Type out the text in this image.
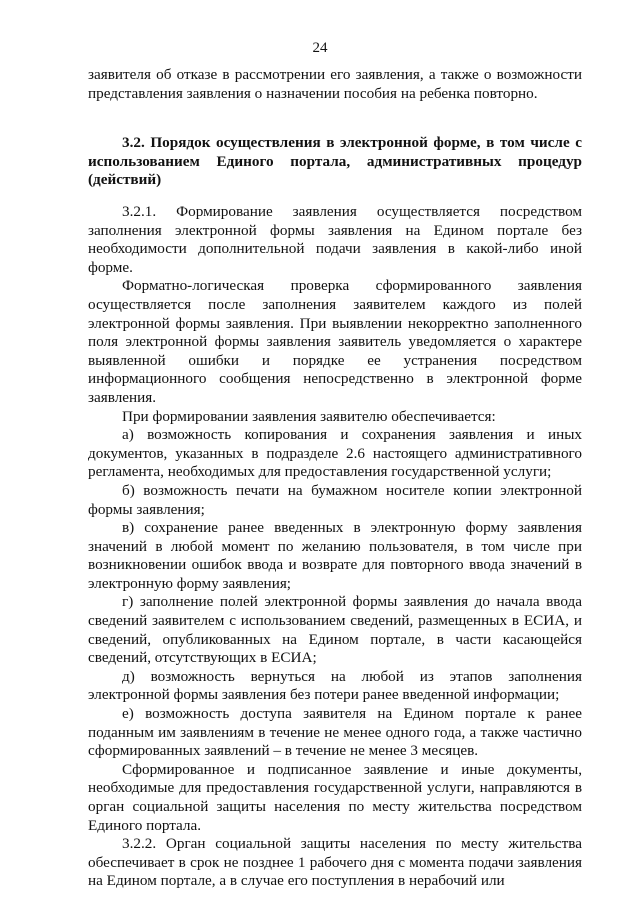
24

заявителя об отказе в рассмотрении его заявления, а также о возможности представления заявления о назначении пособия на ребенка повторно.

3.2. Порядок осуществления в электронной форме, в том числе с использованием Единого портала, административных процедур (действий)

3.2.1. Формирование заявления осуществляется посредством заполнения электронной формы заявления на Едином портале без необходимости дополнительной подачи заявления в какой-либо иной форме.

Форматно-логическая проверка сформированного заявления осуществляется после заполнения заявителем каждого из полей электронной формы заявления. При выявлении некорректно заполненного поля электронной формы заявления заявитель уведомляется о характере выявленной ошибки и порядке ее устранения посредством информационного сообщения непосредственно в электронной форме заявления.

При формировании заявления заявителю обеспечивается:

а) возможность копирования и сохранения заявления и иных документов, указанных в подразделе 2.6 настоящего административного регламента, необходимых для предоставления государственной услуги;

б) возможность печати на бумажном носителе копии электронной формы заявления;

в) сохранение ранее введенных в электронную форму заявления значений в любой момент по желанию пользователя, в том числе при возникновении ошибок ввода и возврате для повторного ввода значений в электронную форму заявления;

г) заполнение полей электронной формы заявления до начала ввода сведений заявителем с использованием сведений, размещенных в ЕСИА, и сведений, опубликованных на Едином портале, в части касающейся сведений, отсутствующих в ЕСИА;

д) возможность вернуться на любой из этапов заполнения электронной формы заявления без потери ранее введенной информации;

е) возможность доступа заявителя на Едином портале к ранее поданным им заявлениям в течение не менее одного года, а также частично сформированных заявлений – в течение не менее 3 месяцев.

Сформированное и подписанное заявление и иные документы, необходимые для предоставления государственной услуги, направляются в орган социальной защиты населения по месту жительства посредством Единого портала.

3.2.2. Орган социальной защиты населения по месту жительства обеспечивает в срок не позднее 1 рабочего дня с момента подачи заявления на Едином портале, а в случае его поступления в нерабочий или
